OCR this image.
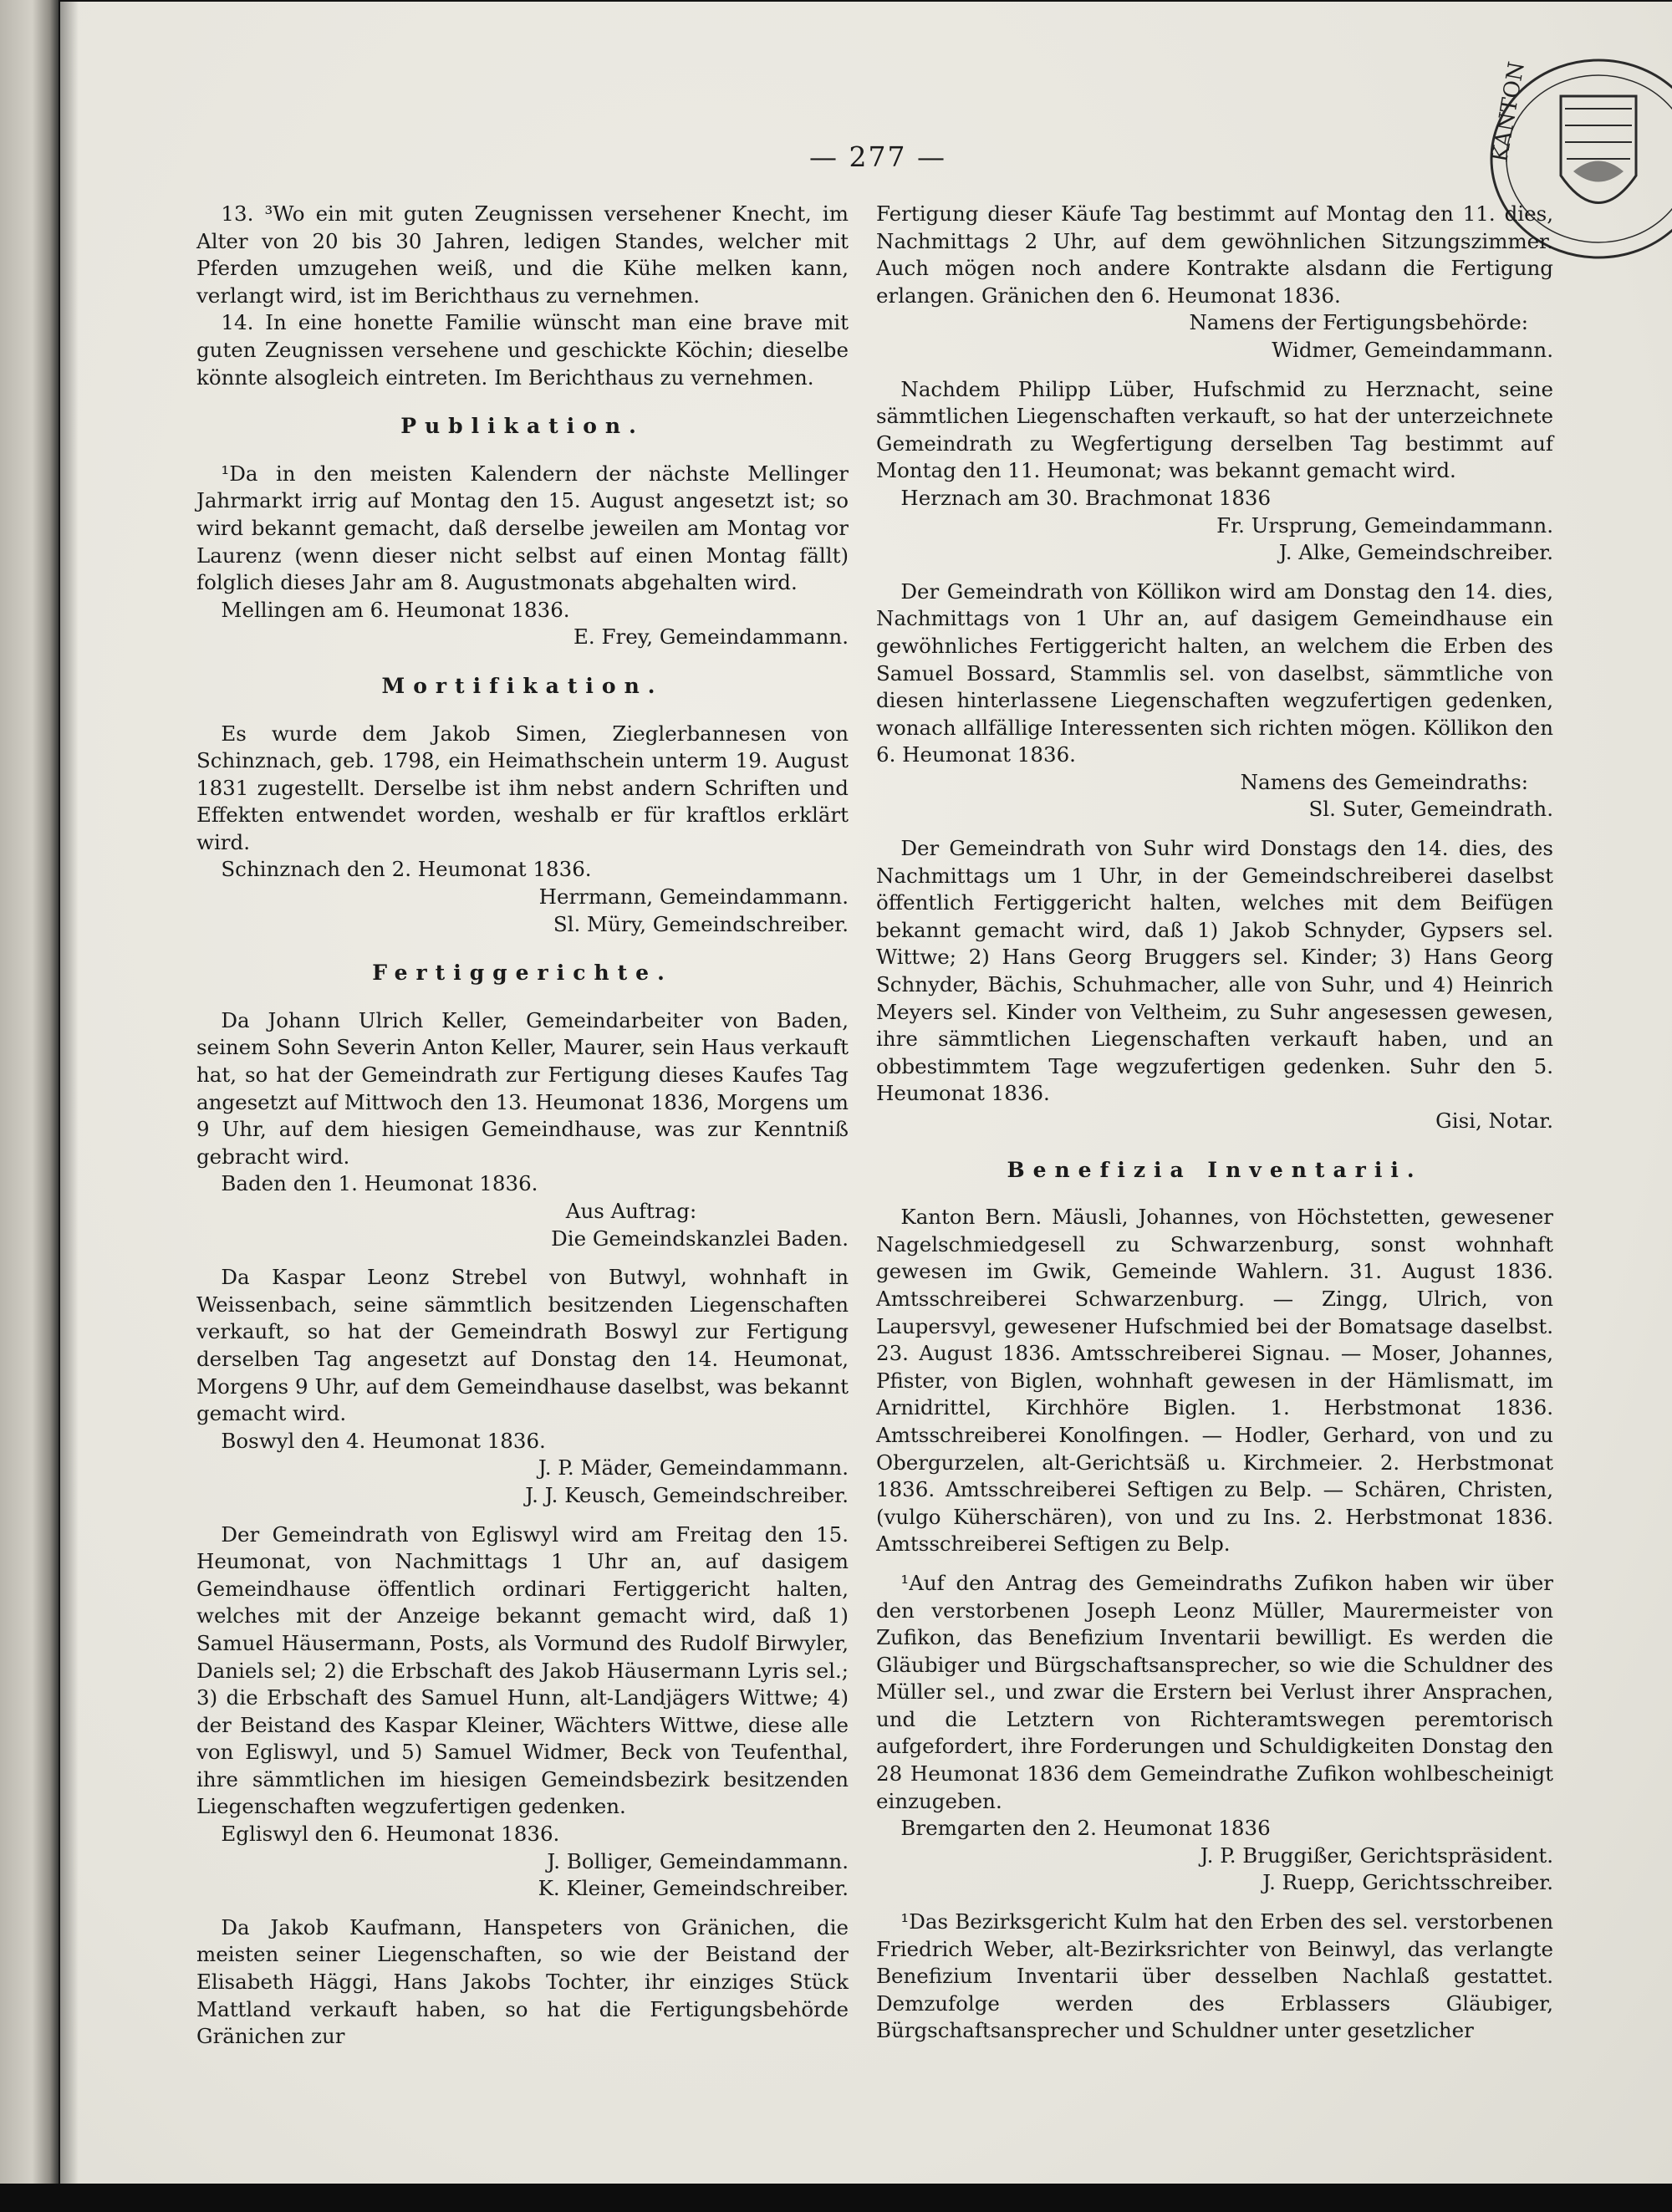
KANTON
— 277 —

13. ³Wo ein mit guten Zeugnissen versehener Knecht, im Alter von 20 bis 30 Jahren, ledigen Standes, welcher mit Pferden umzugehen weiß, und die Kühe melken kann, verlangt wird, ist im Berichthaus zu vernehmen.

14. In eine honette Familie wünscht man eine brave mit guten Zeugnissen versehene und geschickte Köchin; dieselbe könnte alsogleich eintreten. Im Berichthaus zu vernehmen.

Publikation.

¹Da in den meisten Kalendern der nächste Mellinger Jahrmarkt irrig auf Montag den 15. August angesetzt ist; so wird bekannt gemacht, daß derselbe jeweilen am Montag vor Laurenz (wenn dieser nicht selbst auf einen Montag fällt) folglich dieses Jahr am 8. Augustmonats abgehalten wird.

Mellingen am 6. Heumonat 1836.

E. Frey, Gemeindammann.

Mortifikation.

Es wurde dem Jakob Simen, Zieglerbannesen von Schinznach, geb. 1798, ein Heimathschein unterm 19. August 1831 zugestellt. Derselbe ist ihm nebst andern Schriften und Effekten entwendet worden, weshalb er für kraftlos erklärt wird.

Schinznach den 2. Heumonat 1836.

Herrmann, Gemeindammann.

Sl. Müry, Gemeindschreiber.

Fertiggerichte.

Da Johann Ulrich Keller, Gemeindarbeiter von Baden, seinem Sohn Severin Anton Keller, Maurer, sein Haus verkauft hat, so hat der Gemeindrath zur Fertigung dieses Kaufes Tag angesetzt auf Mittwoch den 13. Heumonat 1836, Morgens um 9 Uhr, auf dem hiesigen Gemeindhause, was zur Kenntniß gebracht wird.

Baden den 1. Heumonat 1836.

Aus Auftrag:

Die Gemeindskanzlei Baden.

Da Kaspar Leonz Strebel von Butwyl, wohnhaft in Weissenbach, seine sämmtlich besitzenden Liegenschaften verkauft, so hat der Gemeindrath Boswyl zur Fertigung derselben Tag angesetzt auf Donstag den 14. Heumonat, Morgens 9 Uhr, auf dem Gemeindhause daselbst, was bekannt gemacht wird.

Boswyl den 4. Heumonat 1836.

J. P. Mäder, Gemeindammann.

J. J. Keusch, Gemeindschreiber.

Der Gemeindrath von Egliswyl wird am Freitag den 15. Heumonat, von Nachmittags 1 Uhr an, auf dasigem Gemeindhause öffentlich ordinari Fertiggericht halten, welches mit der Anzeige bekannt gemacht wird, daß 1) Samuel Häusermann, Posts, als Vormund des Rudolf Birwyler, Daniels sel; 2) die Erbschaft des Jakob Häusermann Lyris sel.; 3) die Erbschaft des Samuel Hunn, alt-Landjägers Wittwe; 4) der Beistand des Kaspar Kleiner, Wächters Wittwe, diese alle von Egliswyl, und 5) Samuel Widmer, Beck von Teufenthal, ihre sämmtlichen im hiesigen Gemeindsbezirk besitzenden Liegenschaften wegzufertigen gedenken.

Egliswyl den 6. Heumonat 1836.

J. Bolliger, Gemeindammann.

K. Kleiner, Gemeindschreiber.

Da Jakob Kaufmann, Hanspeters von Gränichen, die meisten seiner Liegenschaften, so wie der Beistand der Elisabeth Häggi, Hans Jakobs Tochter, ihr einziges Stück Mattland verkauft haben, so hat die Fertigungsbehörde Gränichen zur

Fertigung dieser Käufe Tag bestimmt auf Montag den 11. dies, Nachmittags 2 Uhr, auf dem gewöhnlichen Sitzungszimmer. Auch mögen noch andere Kontrakte alsdann die Fertigung erlangen. Gränichen den 6. Heumonat 1836.

Namens der Fertigungsbehörde:

Widmer, Gemeindammann.

Nachdem Philipp Lüber, Hufschmid zu Herznacht, seine sämmtlichen Liegenschaften verkauft, so hat der unterzeichnete Gemeindrath zu Wegfertigung derselben Tag bestimmt auf Montag den 11. Heumonat; was bekannt gemacht wird.

Herznach am 30. Brachmonat 1836

Fr. Ursprung, Gemeindammann.

J. Alke, Gemeindschreiber.

Der Gemeindrath von Köllikon wird am Donstag den 14. dies, Nachmittags von 1 Uhr an, auf dasigem Gemeindhause ein gewöhnliches Fertiggericht halten, an welchem die Erben des Samuel Bossard, Stammlis sel. von daselbst, sämmtliche von diesen hinterlassene Liegenschaften wegzufertigen gedenken, wonach allfällige Interessenten sich richten mögen. Köllikon den 6. Heumonat 1836.

Namens des Gemeindraths:

Sl. Suter, Gemeindrath.

Der Gemeindrath von Suhr wird Donstags den 14. dies, des Nachmittags um 1 Uhr, in der Gemeindschreiberei daselbst öffentlich Fertiggericht halten, welches mit dem Beifügen bekannt gemacht wird, daß 1) Jakob Schnyder, Gypsers sel. Wittwe; 2) Hans Georg Bruggers sel. Kinder; 3) Hans Georg Schnyder, Bächis, Schuhmacher, alle von Suhr, und 4) Heinrich Meyers sel. Kinder von Veltheim, zu Suhr angesessen gewesen, ihre sämmtlichen Liegenschaften verkauft haben, und an obbestimmtem Tage wegzufertigen gedenken. Suhr den 5. Heumonat 1836.

Gisi, Notar.

Benefizia Inventarii.

Kanton Bern. Mäusli, Johannes, von Höchstetten, gewesener Nagelschmiedgesell zu Schwarzenburg, sonst wohnhaft gewesen im Gwik, Gemeinde Wahlern. 31. August 1836. Amtsschreiberei Schwarzenburg. — Zingg, Ulrich, von Laupersvyl, gewesener Hufschmied bei der Bomatsage daselbst. 23. August 1836. Amtsschreiberei Signau. — Moser, Johannes, Pfister, von Biglen, wohnhaft gewesen in der Hämlismatt, im Arnidrittel, Kirchhöre Biglen. 1. Herbstmonat 1836. Amtsschreiberei Konolfingen. — Hodler, Gerhard, von und zu Obergurzelen, alt-Gerichtsäß u. Kirchmeier. 2. Herbstmonat 1836. Amtsschreiberei Seftigen zu Belp. — Schären, Christen, (vulgo Küherschären), von und zu Ins. 2. Herbstmonat 1836. Amtsschreiberei Seftigen zu Belp.

¹Auf den Antrag des Gemeindraths Zufikon haben wir über den verstorbenen Joseph Leonz Müller, Maurermeister von Zufikon, das Benefizium Inventarii bewilligt. Es werden die Gläubiger und Bürgschaftsansprecher, so wie die Schuldner des Müller sel., und zwar die Erstern bei Verlust ihrer Ansprachen, und die Letztern von Richteramtswegen peremtorisch aufgefordert, ihre Forderungen und Schuldigkeiten Donstag den 28 Heumonat 1836 dem Gemeindrathe Zufikon wohlbescheinigt einzugeben.

Bremgarten den 2. Heumonat 1836

J. P. Bruggißer, Gerichtspräsident.

J. Ruepp, Gerichtsschreiber.

¹Das Bezirksgericht Kulm hat den Erben des sel. verstorbenen Friedrich Weber, alt-Bezirksrichter von Beinwyl, das verlangte Benefizium Inventarii über desselben Nachlaß gestattet. Demzufolge werden des Erblassers Gläubiger, Bürgschaftsansprecher und Schuldner unter gesetzlicher
